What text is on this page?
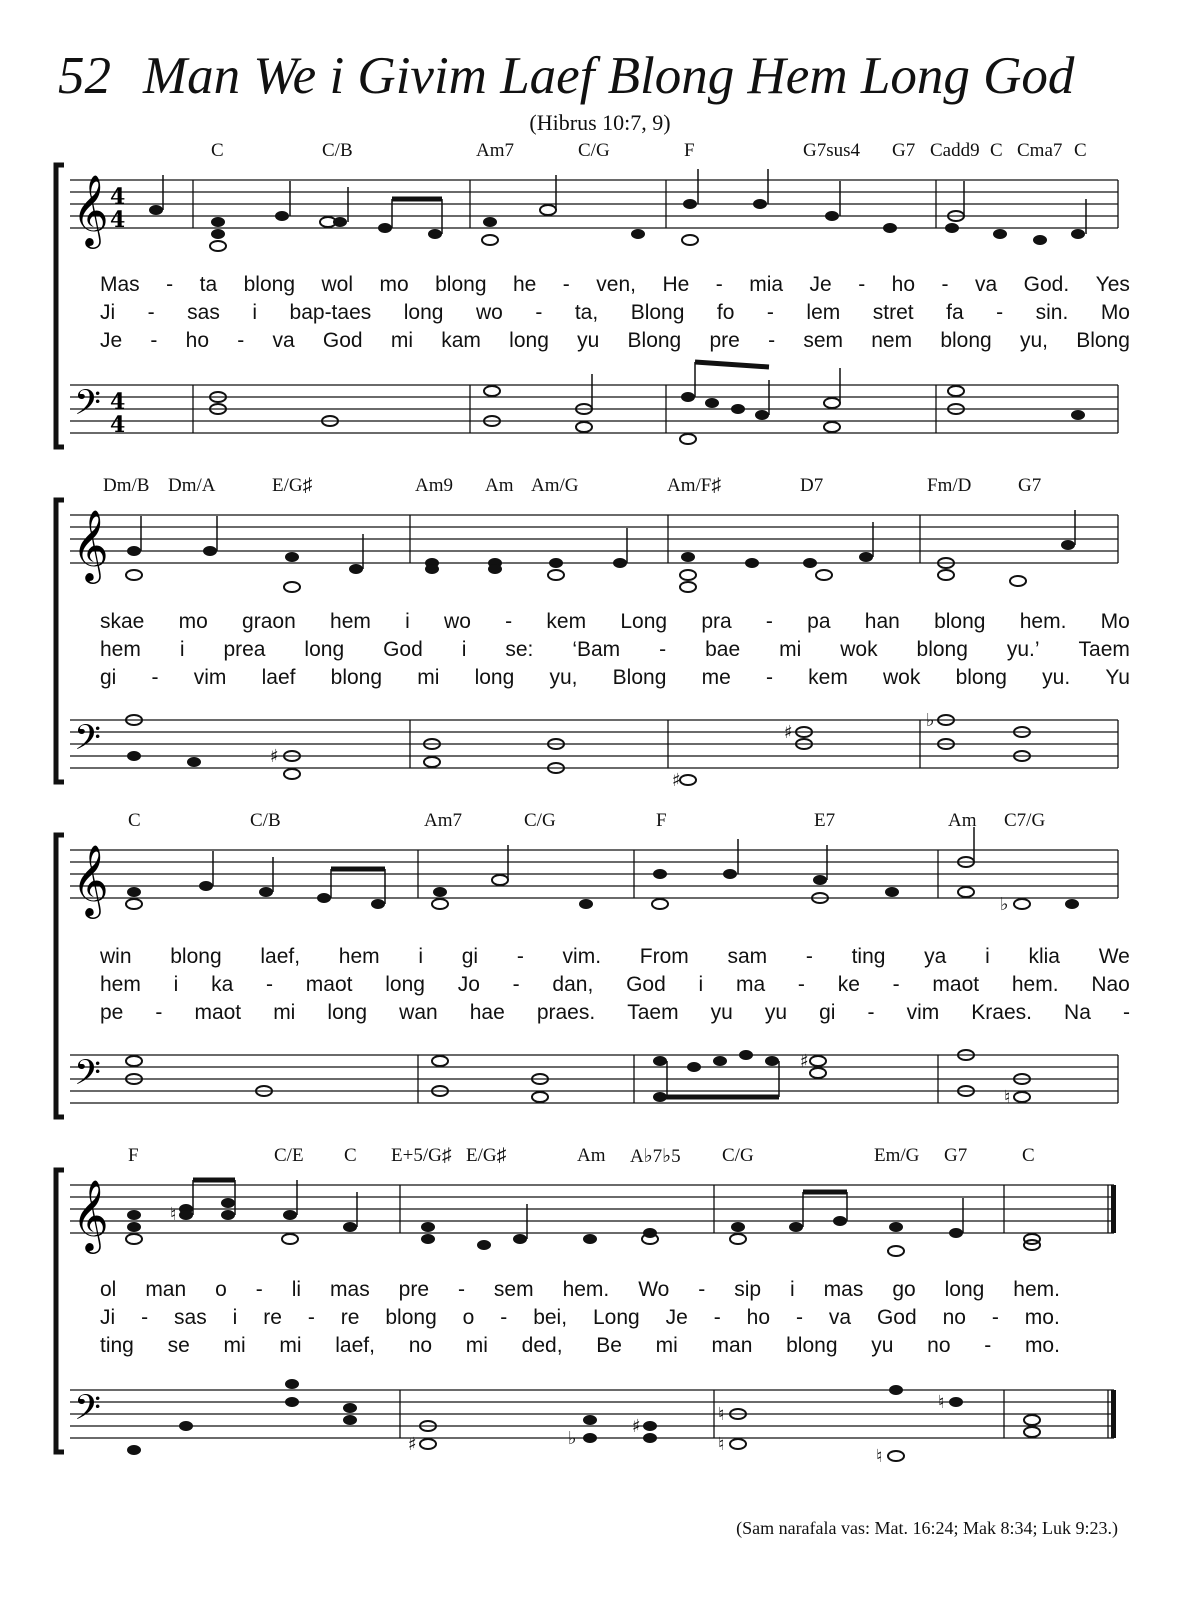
52 Man We i Givim Laef Blong Hem Long God
(Hibrus 10:7, 9)
𝄞
𝄢
4
4
4
4
C	C/B	Am7	C/G	F	G7sus4 G7 Cadd9 C Cma7 C
Mas - ta blong wol mo blong he - ven, He - mia Je - ho - va God. Yes
Ji - sas i bap-taes long wo - ta, Blong fo - lem stret fa - sin. Mo
Je - ho - va God mi kam long yu Blong pre - sem nem blong yu, Blong
𝄞
𝄢	♯
♯
♯
♭
Dm/B Dm/A	E/G♯	Am9 Am Am/G	Am/F♯	D7	Fm/D G7
skae mo graon hem i wo - kem Long pra - pa han blong hem. Mo
hem i prea long God i se: ‘Bam - bae mi wok blong yu.’ Taem
gi - vim laef blong mi long yu, Blong me - kem wok blong yu. Yu
𝄞
𝄢	♯
♭
♮
C	C/B	Am7	C/G	F	E7	Am C7/G
win blong laef, hem i gi - vim. From sam - ting ya i klia We
hem i ka - maot long Jo - dan, God i ma - ke - maot hem. Nao
pe - maot mi long wan hae praes. Taem yu yu gi - vim Kraes. Na -
𝄞
𝄢
♮
♯	♭
♯
♮
♮
♮
♮
F	C/E C E+5/G♯ E/G♯	Am A♭7♭5 C/G	Em/G G7	C
ol man o - li mas pre - sem hem. Wo - sip i mas go long hem.
Ji - sas i re - re blong o - bei, Long Je - ho - va God no - mo.
ting se mi mi laef, no mi ded, Be mi man blong yu no - mo.
(Sam narafala vas: Mat. 16:24; Mak 8:34; Luk 9:23.)
